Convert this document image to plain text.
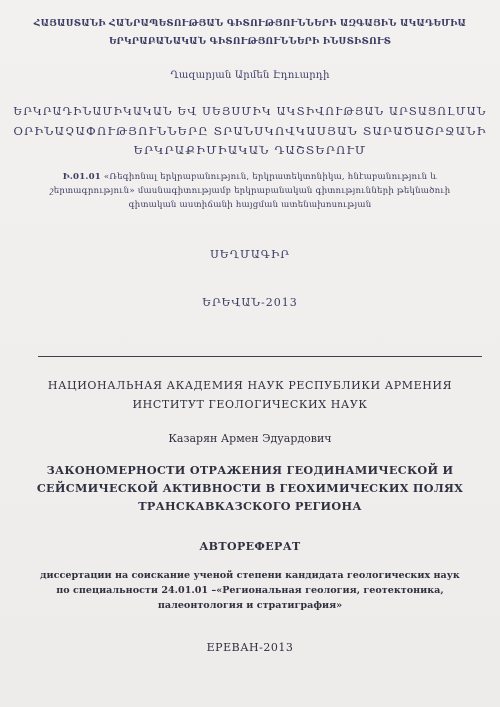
ՀԱՅԱՍՏԱՆԻ ՀԱՆՐԱՊԵՏՈՒԹՅԱՆ ԳԻՏՈՒԹՅՈՒՆՆԵՐԻ ԱԶԳԱՅԻՆ ԱԿԱԴԵՄԻԱ
ԵՐԿՐԱԲԱՆԱԿԱՆ ԳԻՏՈՒԹՅՈՒՆՆԵՐԻ ԻՆՍՏԻՏՈՒՏ
Ղազարյան Արմեն Էդուարդի
ԵՐԿՐԱԴԻՆԱՄԻԿԱԿԱՆ ԵՎ ՍԵՅՍՄԻԿ ԱԿՏԻՎՈՒԹՅԱՆ ԱՐՏԱՑՈԼՄԱՆ
ՕՐԻՆԱՉԱՓՈՒԹՅՈՒՆՆԵՐԸ ՏՐԱՆՍԿՈՎԿԱՍՅԱՆ ՏԱՐԱԾԱՇՐՋԱՆԻ
ԵՐԿՐԱՔԻՄԻԱԿԱՆ ԴԱՇՏԵՐՈՒՄ
Ի.01.01 «Ռեգիոնալ երկրաբանություն, երկրատեկտոնիկա, հնէաբանություն և
շերտագրություն» մասնագիտությամբ երկրաբանական գիտությունների թեկնածուի
գիտական աստիճանի հայցման ատենախոսության
ՍԵՂՄԱԳԻՐ
ԵՐԵՎԱՆ-2013
НАЦИОНАЛЬНАЯ АКАДЕМИЯ НАУК РЕСПУБЛИКИ АРМЕНИЯ
ИНСТИТУТ ГЕОЛОГИЧЕСКИХ НАУК
Казарян Армен Эдуардович
ЗАКОНОМЕРНОСТИ ОТРАЖЕНИЯ ГЕОДИНАМИЧЕСКОЙ И
СЕЙСМИЧЕСКОЙ АКТИВНОСТИ В ГЕОХИМИЧЕСКИХ ПОЛЯХ
ТРАНСКАВКАЗСКОГО РЕГИОНА
АВТОРЕФЕРАТ
диссертации на соискание ученой степени кандидата геологических наук
по специальности 24.01.01 –«Региональная геология, геотектоника,
палеонтология и стратиграфия»
ЕРЕВАН-2013
